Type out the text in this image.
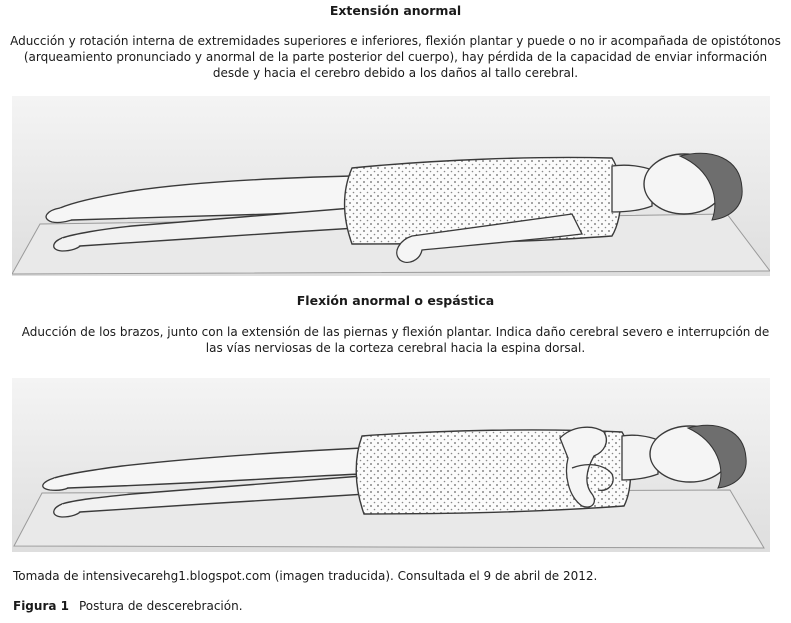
Extensión anormal
Aducción y rotación interna de extremidades superiores e inferiores, flexión plantar y puede o no ir acompañada de opistótonos (arqueamiento pronunciado y anormal de la parte posterior del cuerpo), hay pérdida de la capacidad de enviar información desde y hacia el cerebro debido a los daños al tallo cerebral.
Flexión anormal o espástica
Aducción de los brazos, junto con la extensión de las piernas y flexión plantar. Indica daño cerebral severo e interrupción de las vías nerviosas de la corteza cerebral hacia la espina dorsal.
Tomada de intensivecarehg1.blogspot.com (imagen traducida). Consultada el 9 de abril de 2012.
Figura 1 Postura de descerebración.
